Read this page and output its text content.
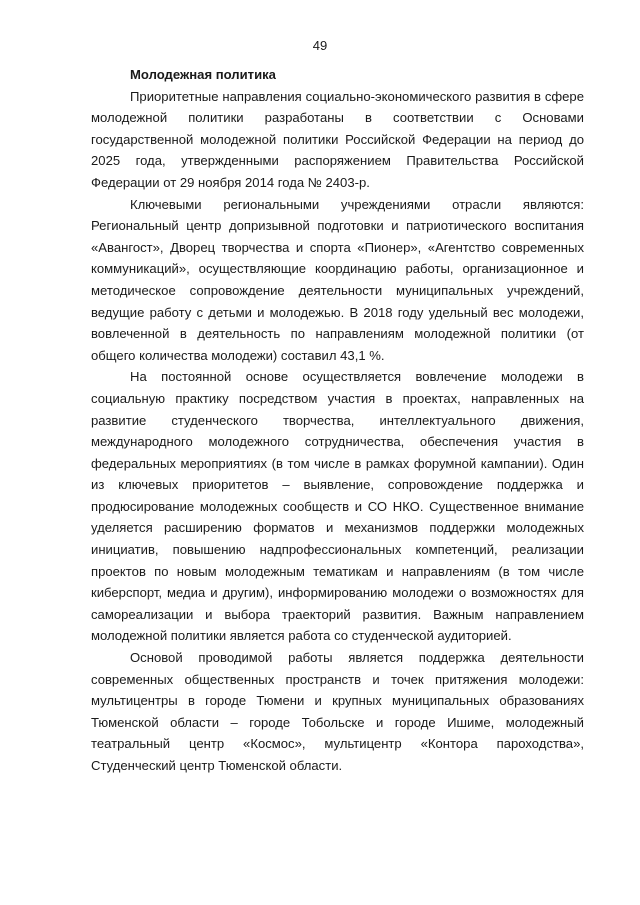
49
Молодежная политика

Приоритетные направления социально-экономического развития в сфере молодежной политики разработаны в соответствии с Основами государственной молодежной политики Российской Федерации на период до 2025 года, утвержденными распоряжением Правительства Российской Федерации от 29 ноября 2014 года № 2403-р.

Ключевыми региональными учреждениями отрасли являются: Региональный центр допризывной подготовки и патриотического воспитания «Авангост», Дворец творчества и спорта «Пионер», «Агентство современных коммуникаций», осуществляющие координацию работы, организационное и методическое сопровождение деятельности муниципальных учреждений, ведущие работу с детьми и молодежью. В 2018 году удельный вес молодежи, вовлеченной в деятельность по направлениям молодежной политики (от общего количества молодежи) составил 43,1 %.

На постоянной основе осуществляется вовлечение молодежи в социальную практику посредством участия в проектах, направленных на развитие студенческого творчества, интеллектуального движения, международного молодежного сотрудничества, обеспечения участия в федеральных мероприятиях (в том числе в рамках форумной кампании). Один из ключевых приоритетов – выявление, сопровождение поддержка и продюсирование молодежных сообществ и СО НКО. Существенное внимание уделяется расширению форматов и механизмов поддержки молодежных инициатив, повышению надпрофессиональных компетенций, реализации проектов по новым молодежным тематикам и направлениям (в том числе киберспорт, медиа и другим), информированию молодежи о возможностях для самореализации и выбора траекторий развития. Важным направлением молодежной политики является работа со студенческой аудиторией.

Основой проводимой работы является поддержка деятельности современных общественных пространств и точек притяжения молодежи: мультицентры в городе Тюмени и крупных муниципальных образованиях Тюменской области – городе Тобольске и городе Ишиме, молодежный театральный центр «Космос», мультицентр «Контора пароходства», Студенческий центр Тюменской области.
